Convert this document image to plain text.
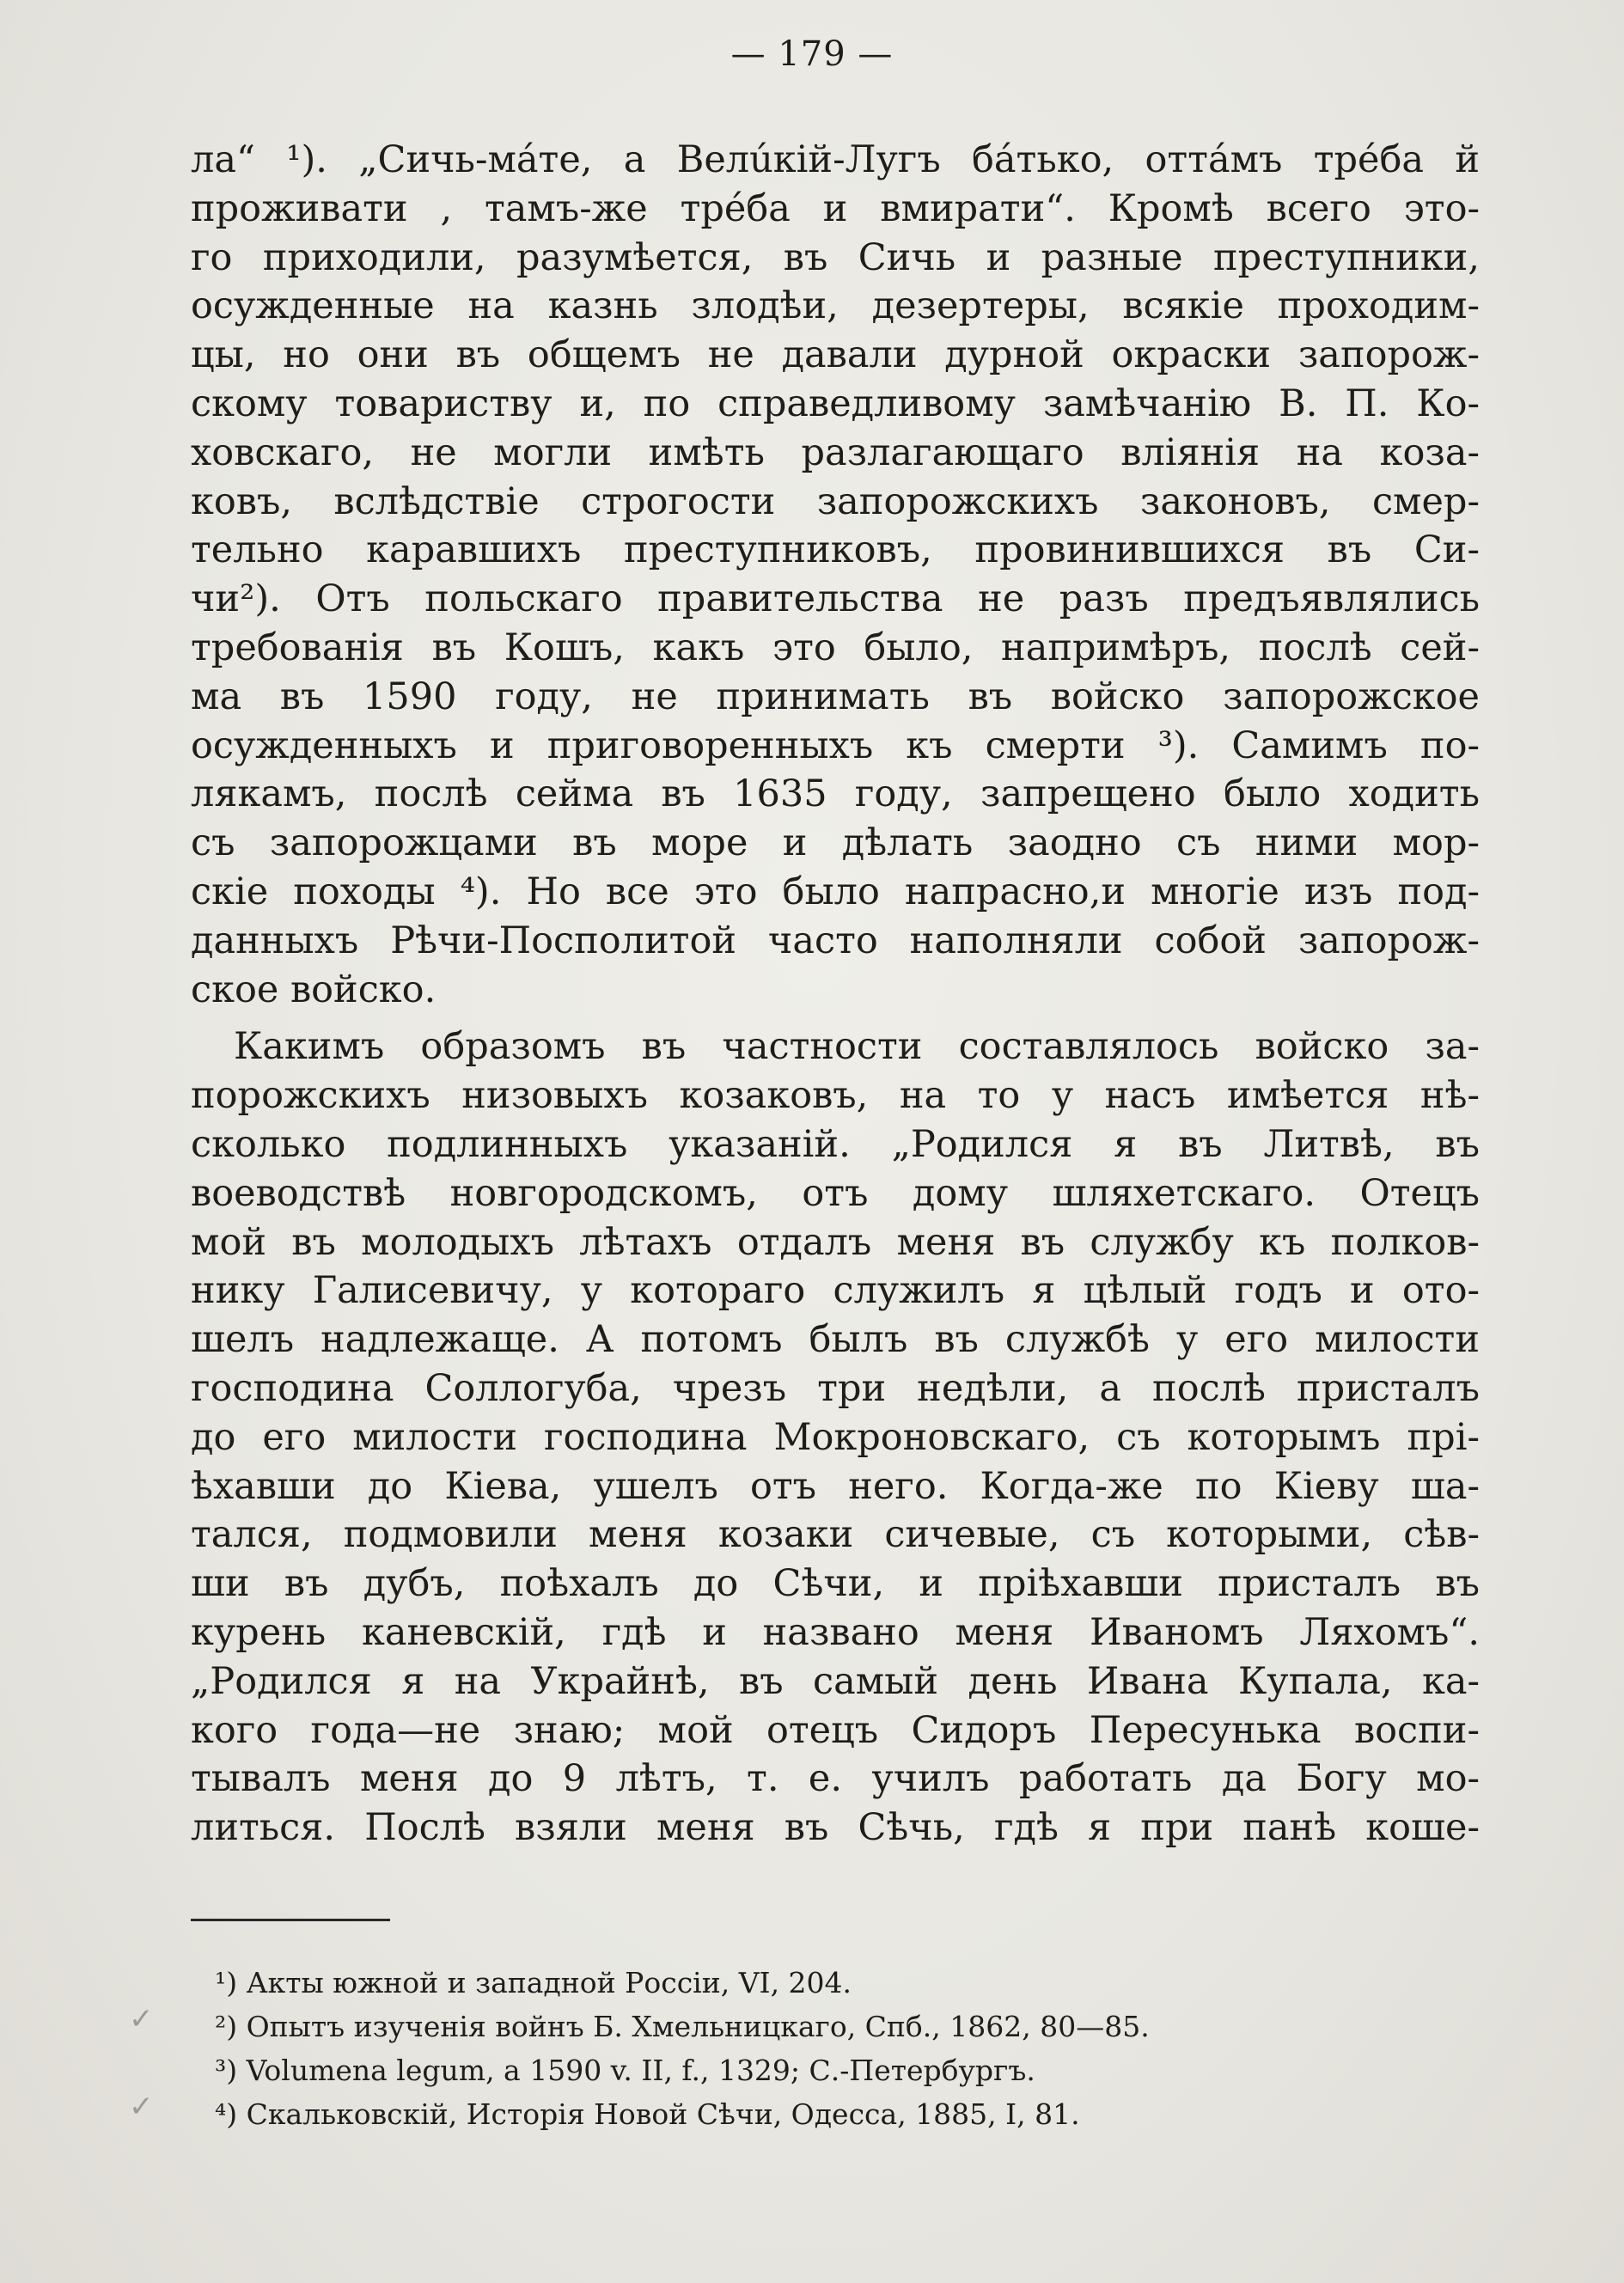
— 179 —
ла“ ¹). „Сичь-мáте, а Велúкій-Лугъ бáтько, оттáмъ трéба й
проживати , тамъ-же трéба и вмирати“. Кромѣ всего это-
го приходили, разумѣется, въ Сичь и разные преступники,
осужденные на казнь злодѣи, дезертеры, всякіе проходим-
цы, но они въ общемъ не давали дурной окраски запорож-
скому товариству и, по справедливому замѣчанію В. П. Ко-
ховскаго, не могли имѣть разлагающаго вліянія на коза-
ковъ, вслѣдствіе строгости запорожскихъ законовъ, смер-
тельно каравшихъ преступниковъ, провинившихся въ Си-
чи²). Отъ польскаго правительства не разъ предъявлялись
требованія въ Кошъ, какъ это было, напримѣръ, послѣ сей-
ма въ 1590 году, не принимать въ войско запорожское
осужденныхъ и приговоренныхъ къ смерти ³). Самимъ по-
лякамъ, послѣ сейма въ 1635 году, запрещено было ходить
съ запорожцами въ море и дѣлать заодно съ ними мор-
скіе походы ⁴). Но все это было напрасно,и многіе изъ под-
данныхъ Рѣчи-Посполитой часто наполняли собой запорож-
ское войско.
Какимъ образомъ въ частности составлялось войско за-
порожскихъ низовыхъ козаковъ, на то у насъ имѣется нѣ-
сколько подлинныхъ указаній. „Родился я въ Литвѣ, въ
воеводствѣ новгородскомъ, отъ дому шляхетскаго. Отецъ
мой въ молодыхъ лѣтахъ отдалъ меня въ службу къ полков-
нику Галисевичу, у котораго служилъ я цѣлый годъ и ото-
шелъ надлежаще. А потомъ былъ въ службѣ у его милости
господина Соллогуба, чрезъ три недѣли, а послѣ присталъ
до его милости господина Мокроновскаго, съ которымъ прі-
ѣхавши до Кіева, ушелъ отъ него. Когда-же по Кіеву ша-
тался, подмовили меня козаки сичевые, съ которыми, сѣв-
ши въ дубъ, поѣхалъ до Сѣчи, и пріѣхавши присталъ въ
курень каневскій, гдѣ и названо меня Иваномъ Ляхомъ“.
„Родился я на Украйнѣ, въ самый день Ивана Купала, ка-
кого года—не знаю; мой отецъ Сидоръ Пересунька воспи-
тывалъ меня до 9 лѣтъ, т. е. училъ работать да Богу мо-
литься. Послѣ взяли меня въ Сѣчь, гдѣ я при панѣ коше-
¹) Акты южной и западной Россіи, VI, 204.
²) Опытъ изученія войнъ Б. Хмельницкаго, Спб., 1862, 80—85.
³) Volumena legum, a 1590 v. II, f., 1329; С.-Петербургъ.
⁴) Скальковскій, Исторія Новой Сѣчи, Одесса, 1885, I, 81.
✓
✓
